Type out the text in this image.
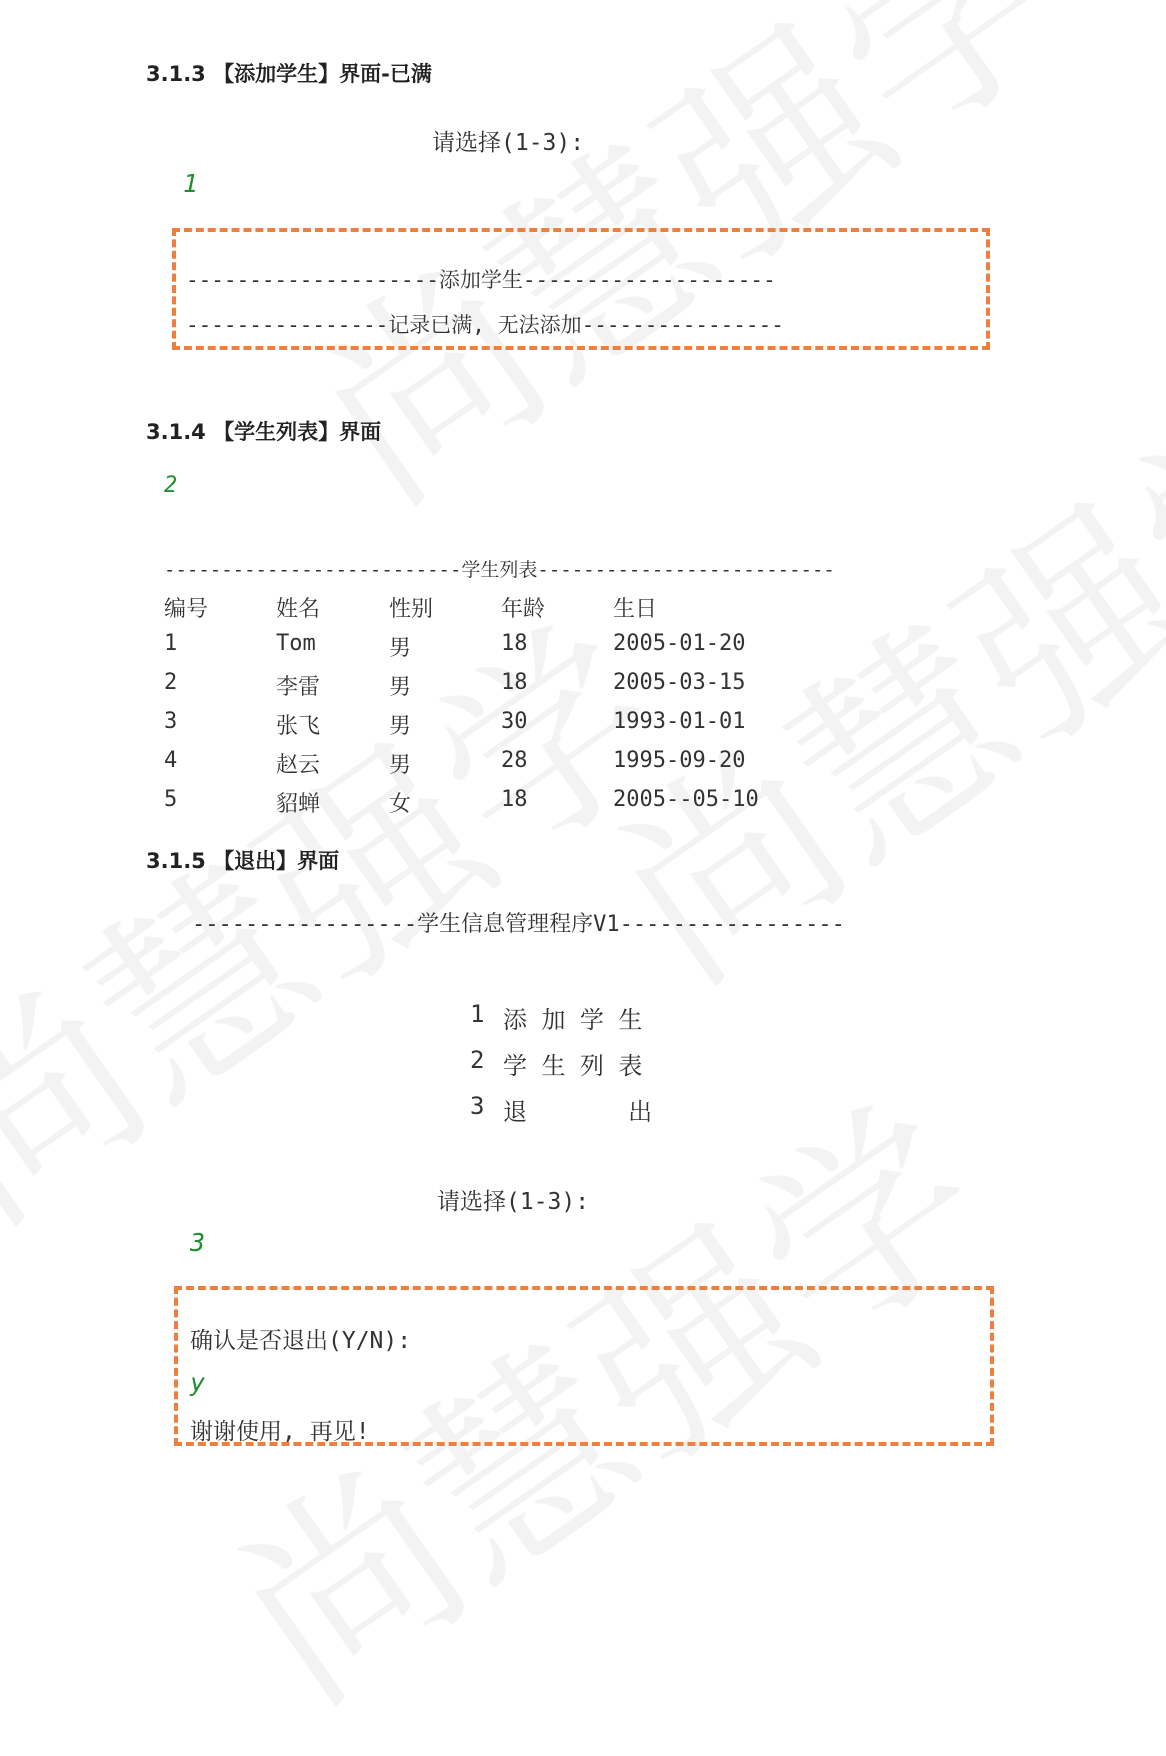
3.1.3 【添加学生】界面-已满
请选择(1-3):
1
--------------------添加学生--------------------
----------------记录已满, 无法添加----------------
3.1.4 【学生列表】界面
2
--------------------------学生列表--------------------------
编号	姓名	性别	年龄	生日
1	Tom	男	18	2005-01-20
2	李雷	男	18	2005-03-15
3	张飞	男	30	1993-01-01
4	赵云	男	28	1995-09-20
5	貂蝉	女	18	2005--05-10
3.1.5 【退出】界面
-----------------学生信息管理程序V1-----------------
1 添 加 学 生
2 学 生 列 表
3 退       出
请选择(1-3):
3
确认是否退出(Y/N):
y
谢谢使用, 再见!
